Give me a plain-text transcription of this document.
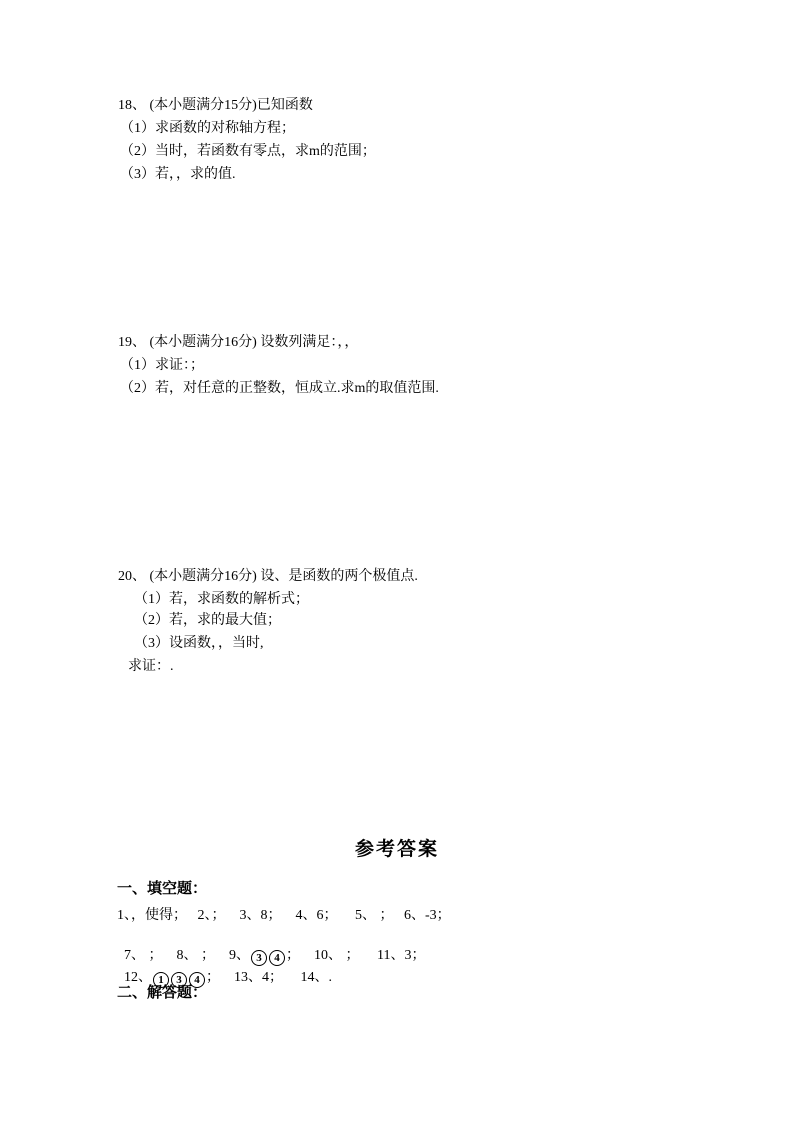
18、 (本小题满分15分)已知函数
（1）求函数的对称轴方程；
（2）当时，若函数有零点，求m的范围；
（3）若，，求的值.
19、 (本小题满分16分) 设数列满足：，，
（1）求证：；
（2）若，对任意的正整数，恒成立.求m的取值范围.
20、 (本小题满分16分) 设、是函数的两个极值点.
（1）若，求函数的解析式；
（2）若，求的最大值；
（3）设函数，，当时,
求证：.
参考答案
一、填空题：
1、，使得；   2、；    3、8；    4、6；     5、 ；   6、-3；

7、 ；    8、 ；    9、 3 4 ；    10、 ；     11、3；

12、 1 3 4 ；    13、4；     14、.

二、解答题：
